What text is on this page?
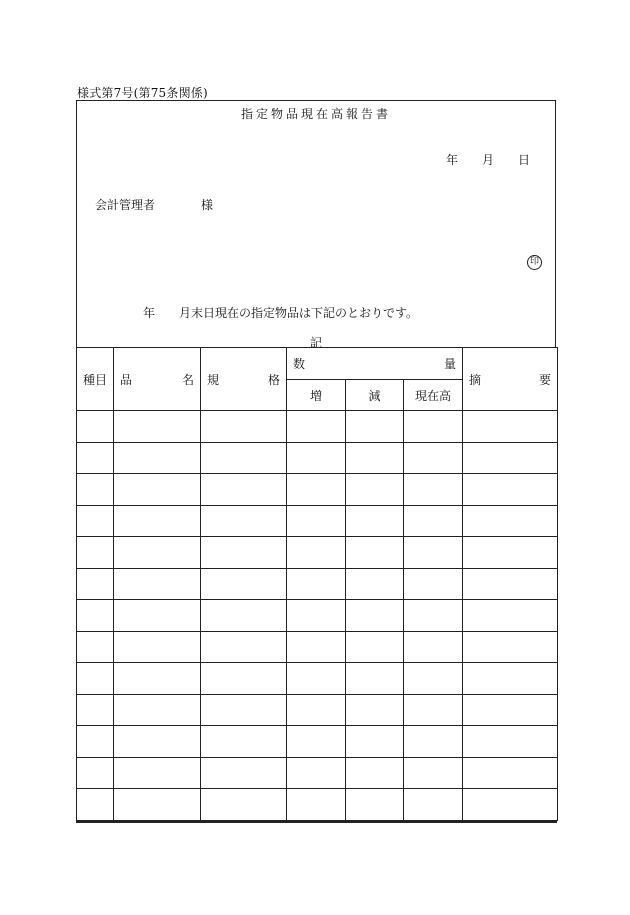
様式第7号(第75条関係)
指定物品現在高報告書
年 月 日
会計管理者	様
印
年 月末日現在の指定物品は下記のとおりです。
記
種目	品 名	規 格	数 量			摘 要

			増	減	現在高	
